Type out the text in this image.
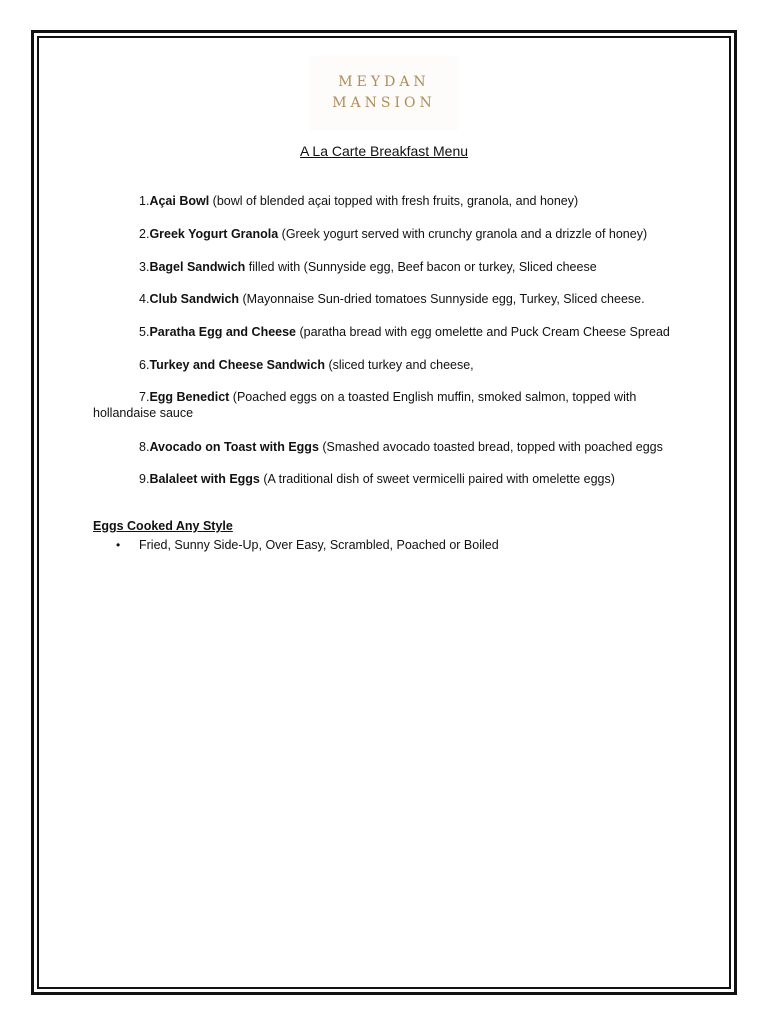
MEYDAN
MANSION
A La Carte Breakfast Menu
1.Açai Bowl (bowl of blended açai topped with fresh fruits, granola, and honey)
2.Greek Yogurt Granola (Greek yogurt served with crunchy granola and a drizzle of honey)
3.Bagel Sandwich filled with (Sunnyside egg, Beef bacon or turkey, Sliced cheese
4.Club Sandwich (Mayonnaise Sun-dried tomatoes Sunnyside egg, Turkey, Sliced cheese.
5.Paratha Egg and Cheese (paratha bread with egg omelette and Puck Cream Cheese Spread
6.Turkey and Cheese Sandwich (sliced turkey and cheese,
7.Egg Benedict (Poached eggs on a toasted English muffin, smoked salmon, topped with hollandaise sauce
8.Avocado on Toast with Eggs (Smashed avocado toasted bread, topped with poached eggs
9.Balaleet with Eggs (A traditional dish of sweet vermicelli paired with omelette eggs)
Eggs Cooked Any Style
• Fried, Sunny Side-Up, Over Easy, Scrambled, Poached or Boiled
